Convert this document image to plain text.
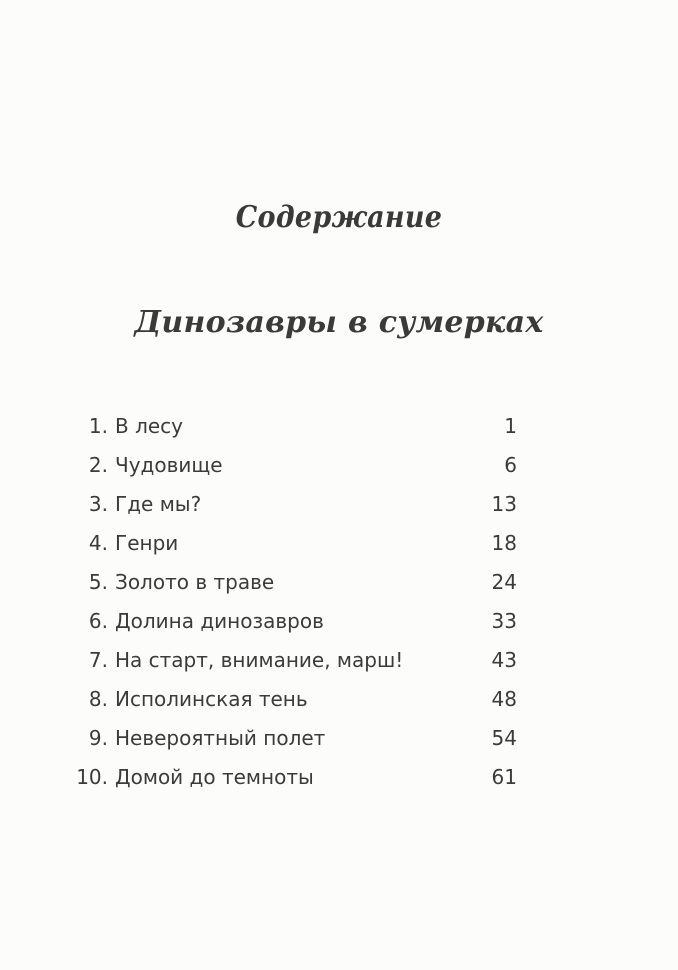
Содержание
Динозавры в сумерках
1. В лесу	1
2. Чудовище	6
3. Где мы?	13
4. Генри	18
5. Золото в траве	24
6. Долина динозавров	33
7. На старт, внимание, марш!	43
8. Исполинская тень	48
9. Невероятный полет	54
10. Домой до темноты	61
